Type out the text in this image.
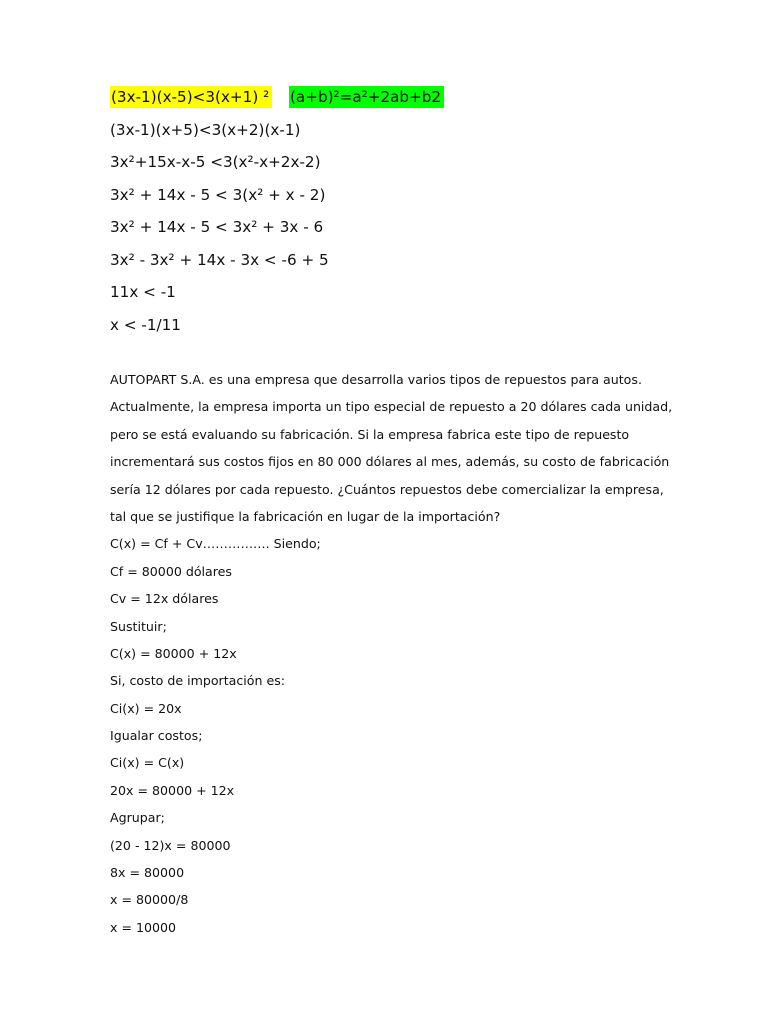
(3x-1)(x-5)<3(x+1) ² (a+b)²=a²+2ab+b2
(3x-1)(x+5)<3(x+2)(x-1)
3x²+15x-x-5 <3(x²-x+2x-2)
3x² + 14x - 5 < 3(x² + x - 2)
3x² + 14x - 5 < 3x² + 3x - 6
3x² - 3x² + 14x - 3x < -6 + 5
11x < -1
x < -1/11
AUTOPART S.A. es una empresa que desarrolla varios tipos de repuestos para autos.
Actualmente, la empresa importa un tipo especial de repuesto a 20 dólares cada unidad,
pero se está evaluando su fabricación. Si la empresa fabrica este tipo de repuesto
incrementará sus costos fijos en 80 000 dólares al mes, además, su costo de fabricación
sería 12 dólares por cada repuesto. ¿Cuántos repuestos debe comercializar la empresa,
tal que se justifique la fabricación en lugar de la importación?
C(x) = Cf + Cv……………. Siendo;
Cf = 80000 dólares
Cv = 12x dólares
Sustituir;
C(x) = 80000 + 12x
Si, costo de importación es:
Ci(x) = 20x
Igualar costos;
Ci(x) = C(x)
20x = 80000 + 12x
Agrupar;
(20 - 12)x = 80000
8x = 80000
x = 80000/8
x = 10000
